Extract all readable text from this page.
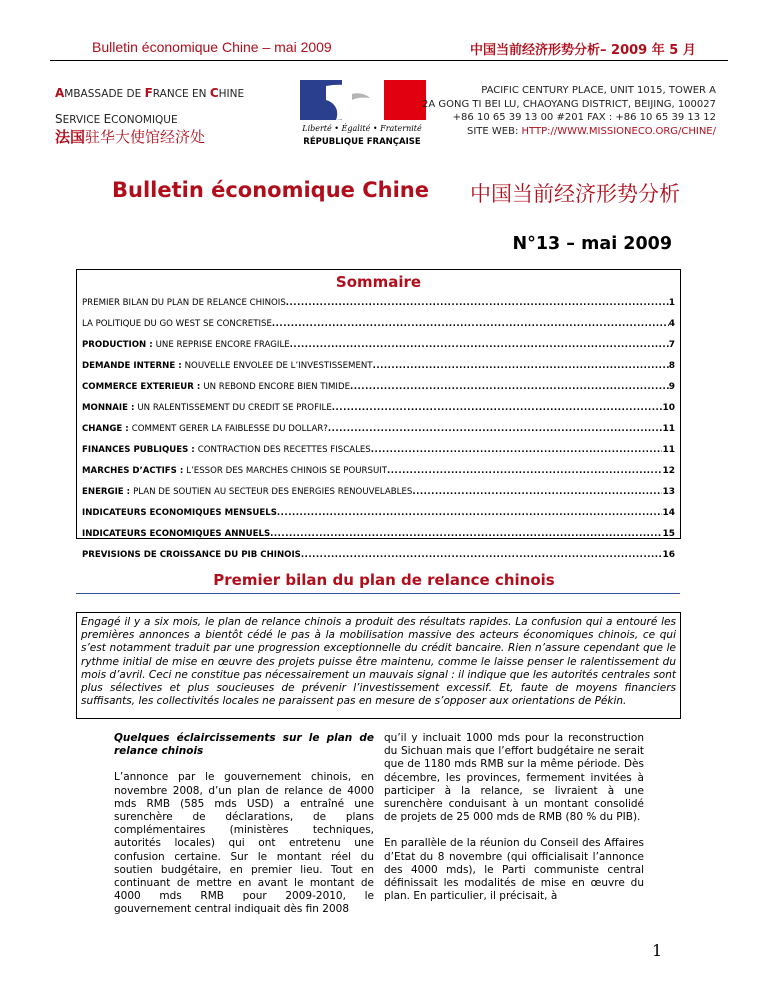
Bulletin économique Chine – mai 2009	中国当前经济形势分析– 2009 年 5 月
AMBASSADE DE FRANCE EN CHINE
SERVICE ECONOMIQUE
法国驻华大使馆经济处	Liberté • Égalité • Fraternité
RÉPUBLIQUE FRANÇAISE
PACIFIC CENTURY PLACE, UNIT 1015, TOWER A
2A GONG TI BEI LU, CHAOYANG DISTRICT, BEIJING, 100027
+86 10 65 39 13 00 #201 FAX : +86 10 65 39 13 12
SITE WEB: HTTP://WWW.MISSIONECO.ORG/CHINE/
Bulletin économique Chine 中国当前经济形势分析
N°13 – mai 2009
Sommaire
PREMIER BILAN DU PLAN DE RELANCE CHINOIS .....	1
LA POLITIQUE DU GO WEST SE CONCRETISE .....	4
PRODUCTION : UNE REPRISE ENCORE FRAGILE .....	7
DEMANDE INTERNE : NOUVELLE ENVOLEE DE L’INVESTISSEMENT .....	8
COMMERCE EXTERIEUR : UN REBOND ENCORE BIEN TIMIDE .....	9
MONNAIE : UN RALENTISSEMENT DU CREDIT SE PROFILE .....	10
CHANGE : COMMENT GERER LA FAIBLESSE DU DOLLAR? .....	11
FINANCES PUBLIQUES : CONTRACTION DES RECETTES FISCALES .....	11
MARCHES D’ACTIFS : L’ESSOR DES MARCHES CHINOIS SE POURSUIT .....	12
ENERGIE : PLAN DE SOUTIEN AU SECTEUR DES ENERGIES RENOUVELABLES .....	13
INDICATEURS ECONOMIQUES MENSUELS .....	14
INDICATEURS ECONOMIQUES ANNUELS .....	15
PREVISIONS DE CROISSANCE DU PIB CHINOIS .....	16
Premier bilan du plan de relance chinois
Engagé il y a six mois, le plan de relance chinois a produit des résultats rapides. La confusion qui a entouré les premières annonces a bientôt cédé le pas à la mobilisation massive des acteurs économiques chinois, ce qui s’est notamment traduit par une progression exceptionnelle du crédit bancaire. Rien n’assure cependant que le rythme initial de mise en œuvre des projets puisse être maintenu, comme le laisse penser le ralentissement du mois d’avril. Ceci ne constitue pas nécessairement un mauvais signal : il indique que les autorités centrales sont plus sélectives et plus soucieuses de prévenir l’investissement excessif. Et, faute de moyens financiers suffisants, les collectivités locales ne paraissent pas en mesure de s’opposer aux orientations de Pékin.
Quelques éclaircissements sur le plan de relance chinois

L’annonce par le gouvernement chinois, en novembre 2008, d’un plan de relance de 4000 mds RMB (585 mds USD) a entraîné une surenchère de déclarations, de plans complémentaires (ministères techniques, autorités locales) qui ont entretenu une confusion certaine. Sur le montant réel du soutien budgétaire, en premier lieu. Tout en continuant de mettre en avant le montant de 4000 mds RMB pour 2009-2010, le gouvernement central indiquait dès fin 2008

qu’il y incluait 1000 mds pour la reconstruction du Sichuan mais que l’effort budgétaire ne serait que de 1180 mds RMB sur la même période. Dès décembre, les provinces, fermement invitées à participer à la relance, se livraient à une surenchère conduisant à un montant consolidé de projets de 25 000 mds de RMB (80 % du PIB).

En parallèle de la réunion du Conseil des Affaires d’Etat du 8 novembre (qui officialisait l’annonce des 4000 mds), le Parti communiste central définissait les modalités de mise en œuvre du plan. En particulier, il précisait, à

1
